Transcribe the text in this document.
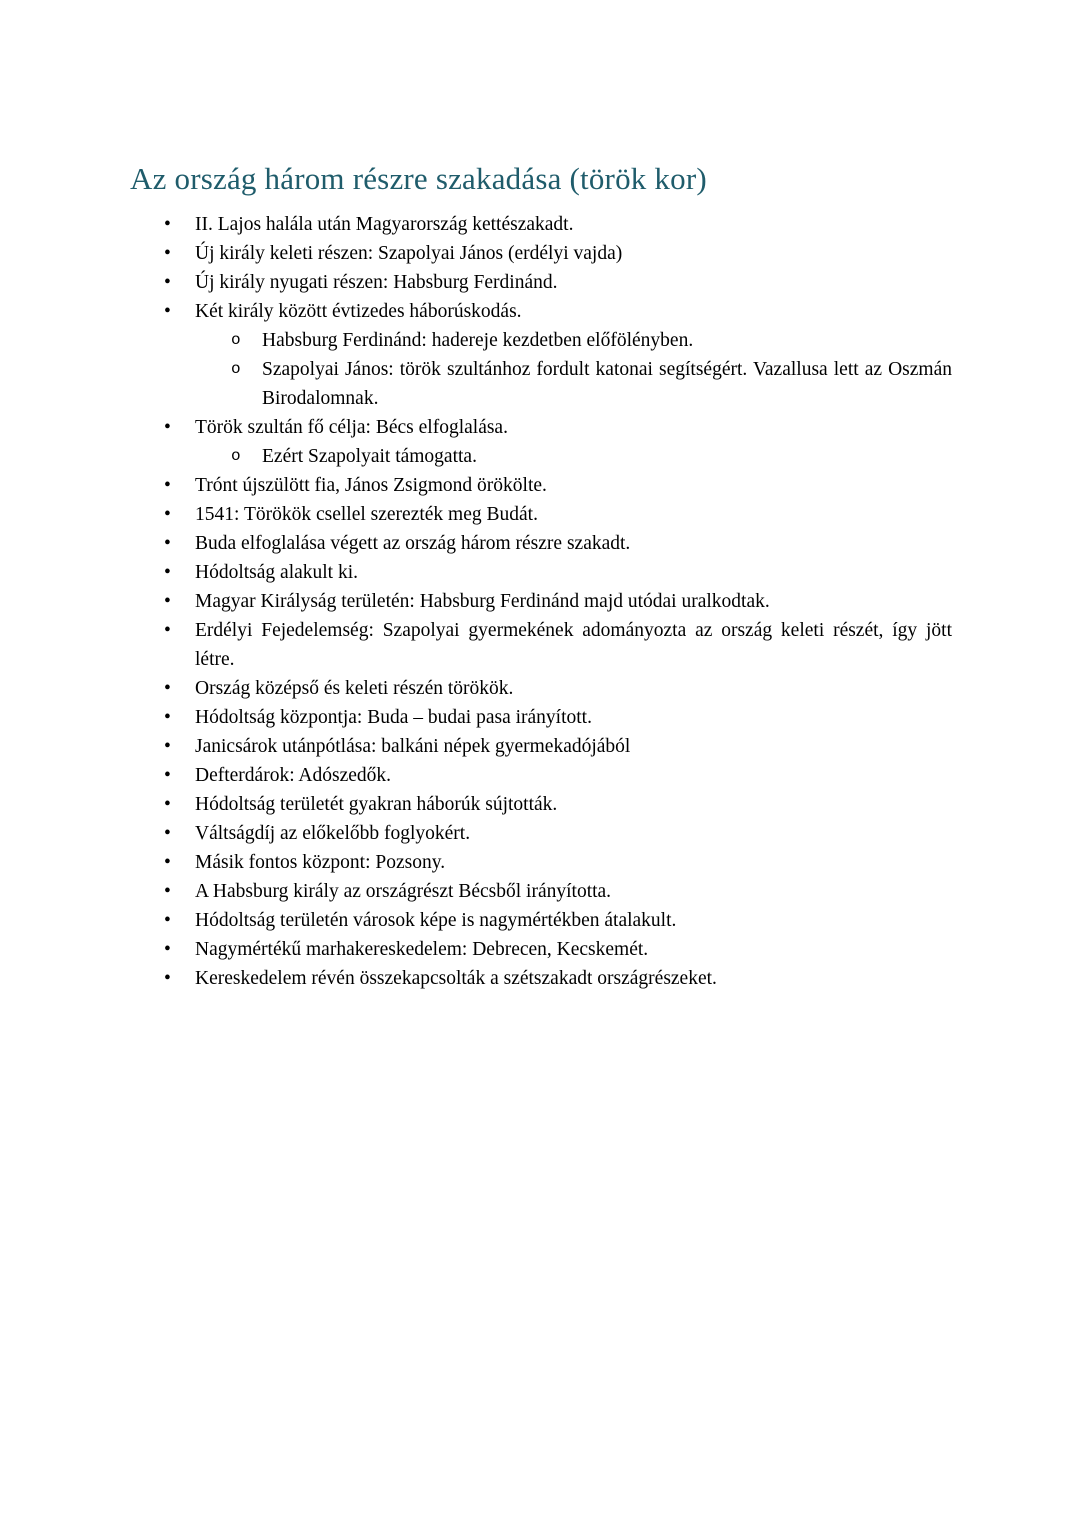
Az ország három részre szakadása (török kor)
•	II. Lajos halála után Magyarország kettészakadt.
•	Új király keleti részen: Szapolyai János (erdélyi vajda)
•	Új király nyugati részen: Habsburg Ferdinánd.
•	Két király között évtizedes háborúskodás.
o	Habsburg Ferdinánd: hadereje kezdetben előfölényben.
o	Szapolyai János: török szultánhoz fordult katonai segítségért. Vazallusa lett az Oszmán Birodalomnak.
•	Török szultán fő célja: Bécs elfoglalása.
o	Ezért Szapolyait támogatta.
•	Trónt újszülött fia, János Zsigmond örökölte.
•	1541: Törökök csellel szerezték meg Budát.
•	Buda elfoglalása végett az ország három részre szakadt.
•	Hódoltság alakult ki.
•	Magyar Királyság területén: Habsburg Ferdinánd majd utódai uralkodtak.
•	Erdélyi Fejedelemség: Szapolyai gyermekének adományozta az ország keleti részét, így jött létre.
•	Ország középső és keleti részén törökök.
•	Hódoltság központja: Buda – budai pasa irányított.
•	Janicsárok utánpótlása: balkáni népek gyermekadójából
•	Defterdárok: Adószedők.
•	Hódoltság területét gyakran háborúk sújtották.
•	Váltságdíj az előkelőbb foglyokért.
•	Másik fontos központ: Pozsony.
•	A Habsburg király az országrészt Bécsből irányította.
•	Hódoltság területén városok képe is nagymértékben átalakult.
•	Nagymértékű marhakereskedelem: Debrecen, Kecskemét.
•	Kereskedelem révén összekapcsolták a szétszakadt országrészeket.
